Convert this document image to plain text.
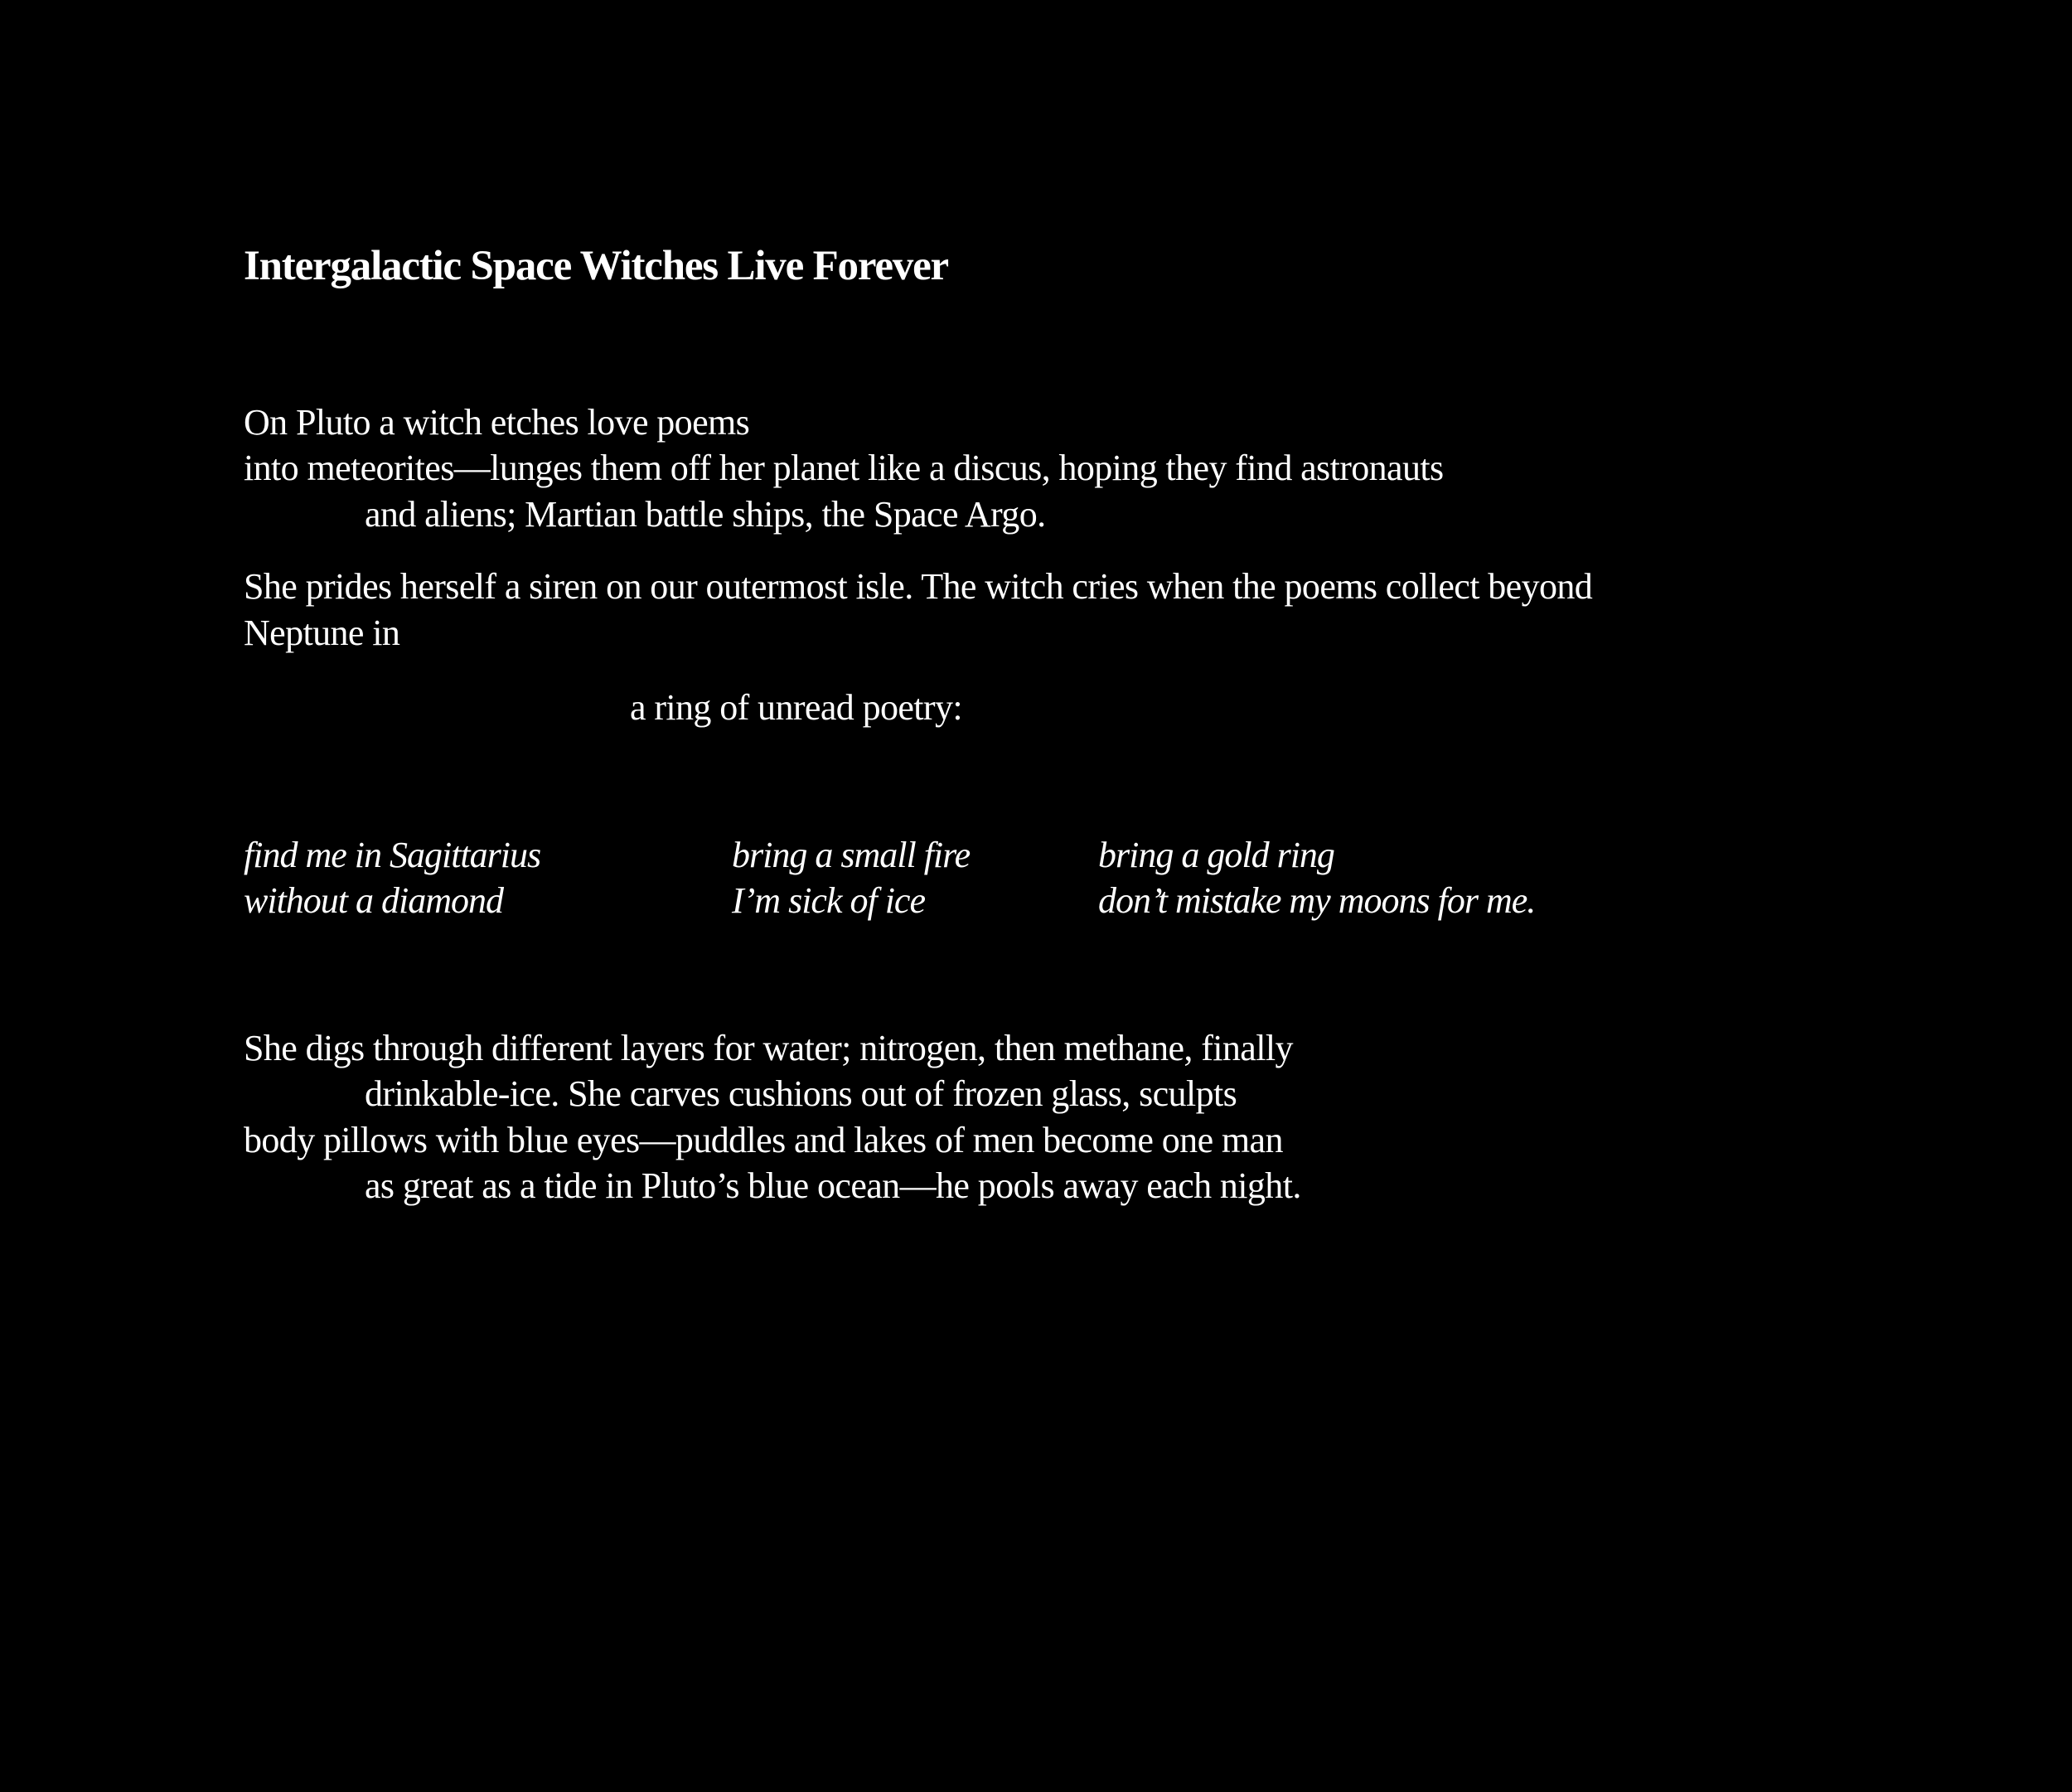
Intergalactic Space Witches Live Forever
On Pluto a witch etches love poems
into meteorites—lunges them off her planet like a discus, hoping they find astronauts
and aliens; Martian battle ships, the Space Argo.
She prides herself a siren on our outermost isle. The witch cries when the poems collect beyond
Neptune in
a ring of unread poetry:
find me in Sagittarius
without a diamond
bring a small fire
I’m sick of ice
bring a gold ring
don’t mistake my moons for me.
She digs through different layers for water; nitrogen, then methane, finally
drinkable-ice. She carves cushions out of frozen glass, sculpts
body pillows with blue eyes—puddles and lakes of men become one man
as great as a tide in Pluto’s blue ocean—he pools away each night.
